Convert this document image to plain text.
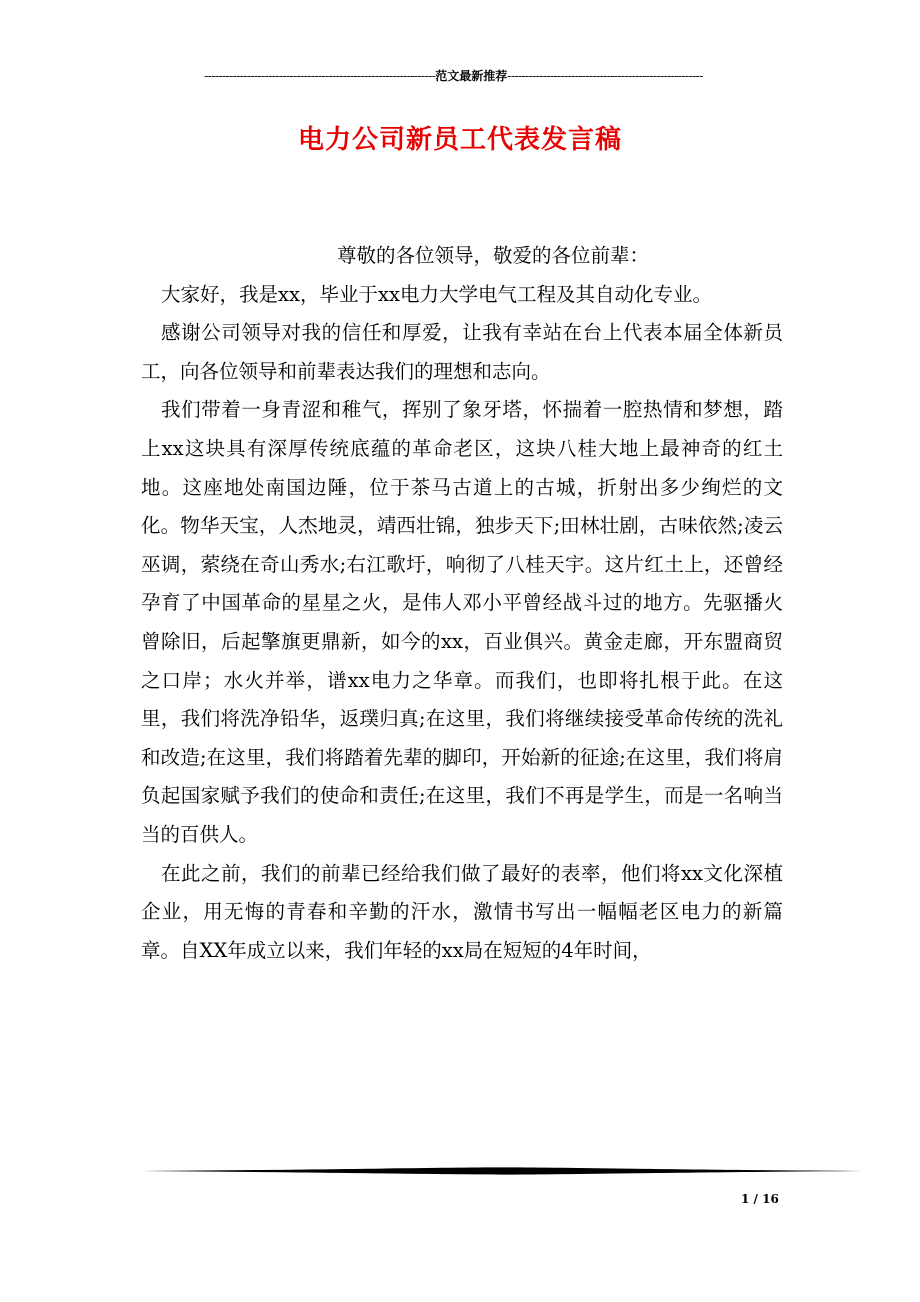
-----------------------------------------------------------------范文最新推荐-------------------------------------------------------
电力公司新员工代表发言稿

尊敬的各位领导，敬爱的各位前辈：

大家好，我是xx，毕业于xx电力大学电气工程及其自动化专业。

感谢公司领导对我的信任和厚爱，让我有幸站在台上代表本届全体新员工，向各位领导和前辈表达我们的理想和志向。

我们带着一身青涩和稚气，挥别了象牙塔，怀揣着一腔热情和梦想，踏上xx这块具有深厚传统底蕴的革命老区，这块八桂大地上最神奇的红土地。这座地处南国边陲，位于茶马古道上的古城，折射出多少绚烂的文化。物华天宝，人杰地灵，靖西壮锦，独步天下;田林壮剧，古味依然;凌云巫调，萦绕在奇山秀水;右江歌圩，响彻了八桂天宇。这片红土上，还曾经孕育了中国革命的星星之火，是伟人邓小平曾经战斗过的地方。先驱播火曾除旧，后起擎旗更鼎新，如今的xx，百业俱兴。黄金走廊，开东盟商贸之口岸；水火并举，谱xx电力之华章。而我们，也即将扎根于此。在这里，我们将洗净铅华，返璞归真;在这里，我们将继续接受革命传统的洗礼和改造;在这里，我们将踏着先辈的脚印，开始新的征途;在这里，我们将肩负起国家赋予我们的使命和责任;在这里，我们不再是学生，而是一名响当当的百供人。

在此之前，我们的前辈已经给我们做了最好的表率，他们将xx文化深植企业，用无悔的青春和辛勤的汗水，激情书写出一幅幅老区电力的新篇章。自XX年成立以来，我们年轻的xx局在短短的4年时间，

1 / 16
